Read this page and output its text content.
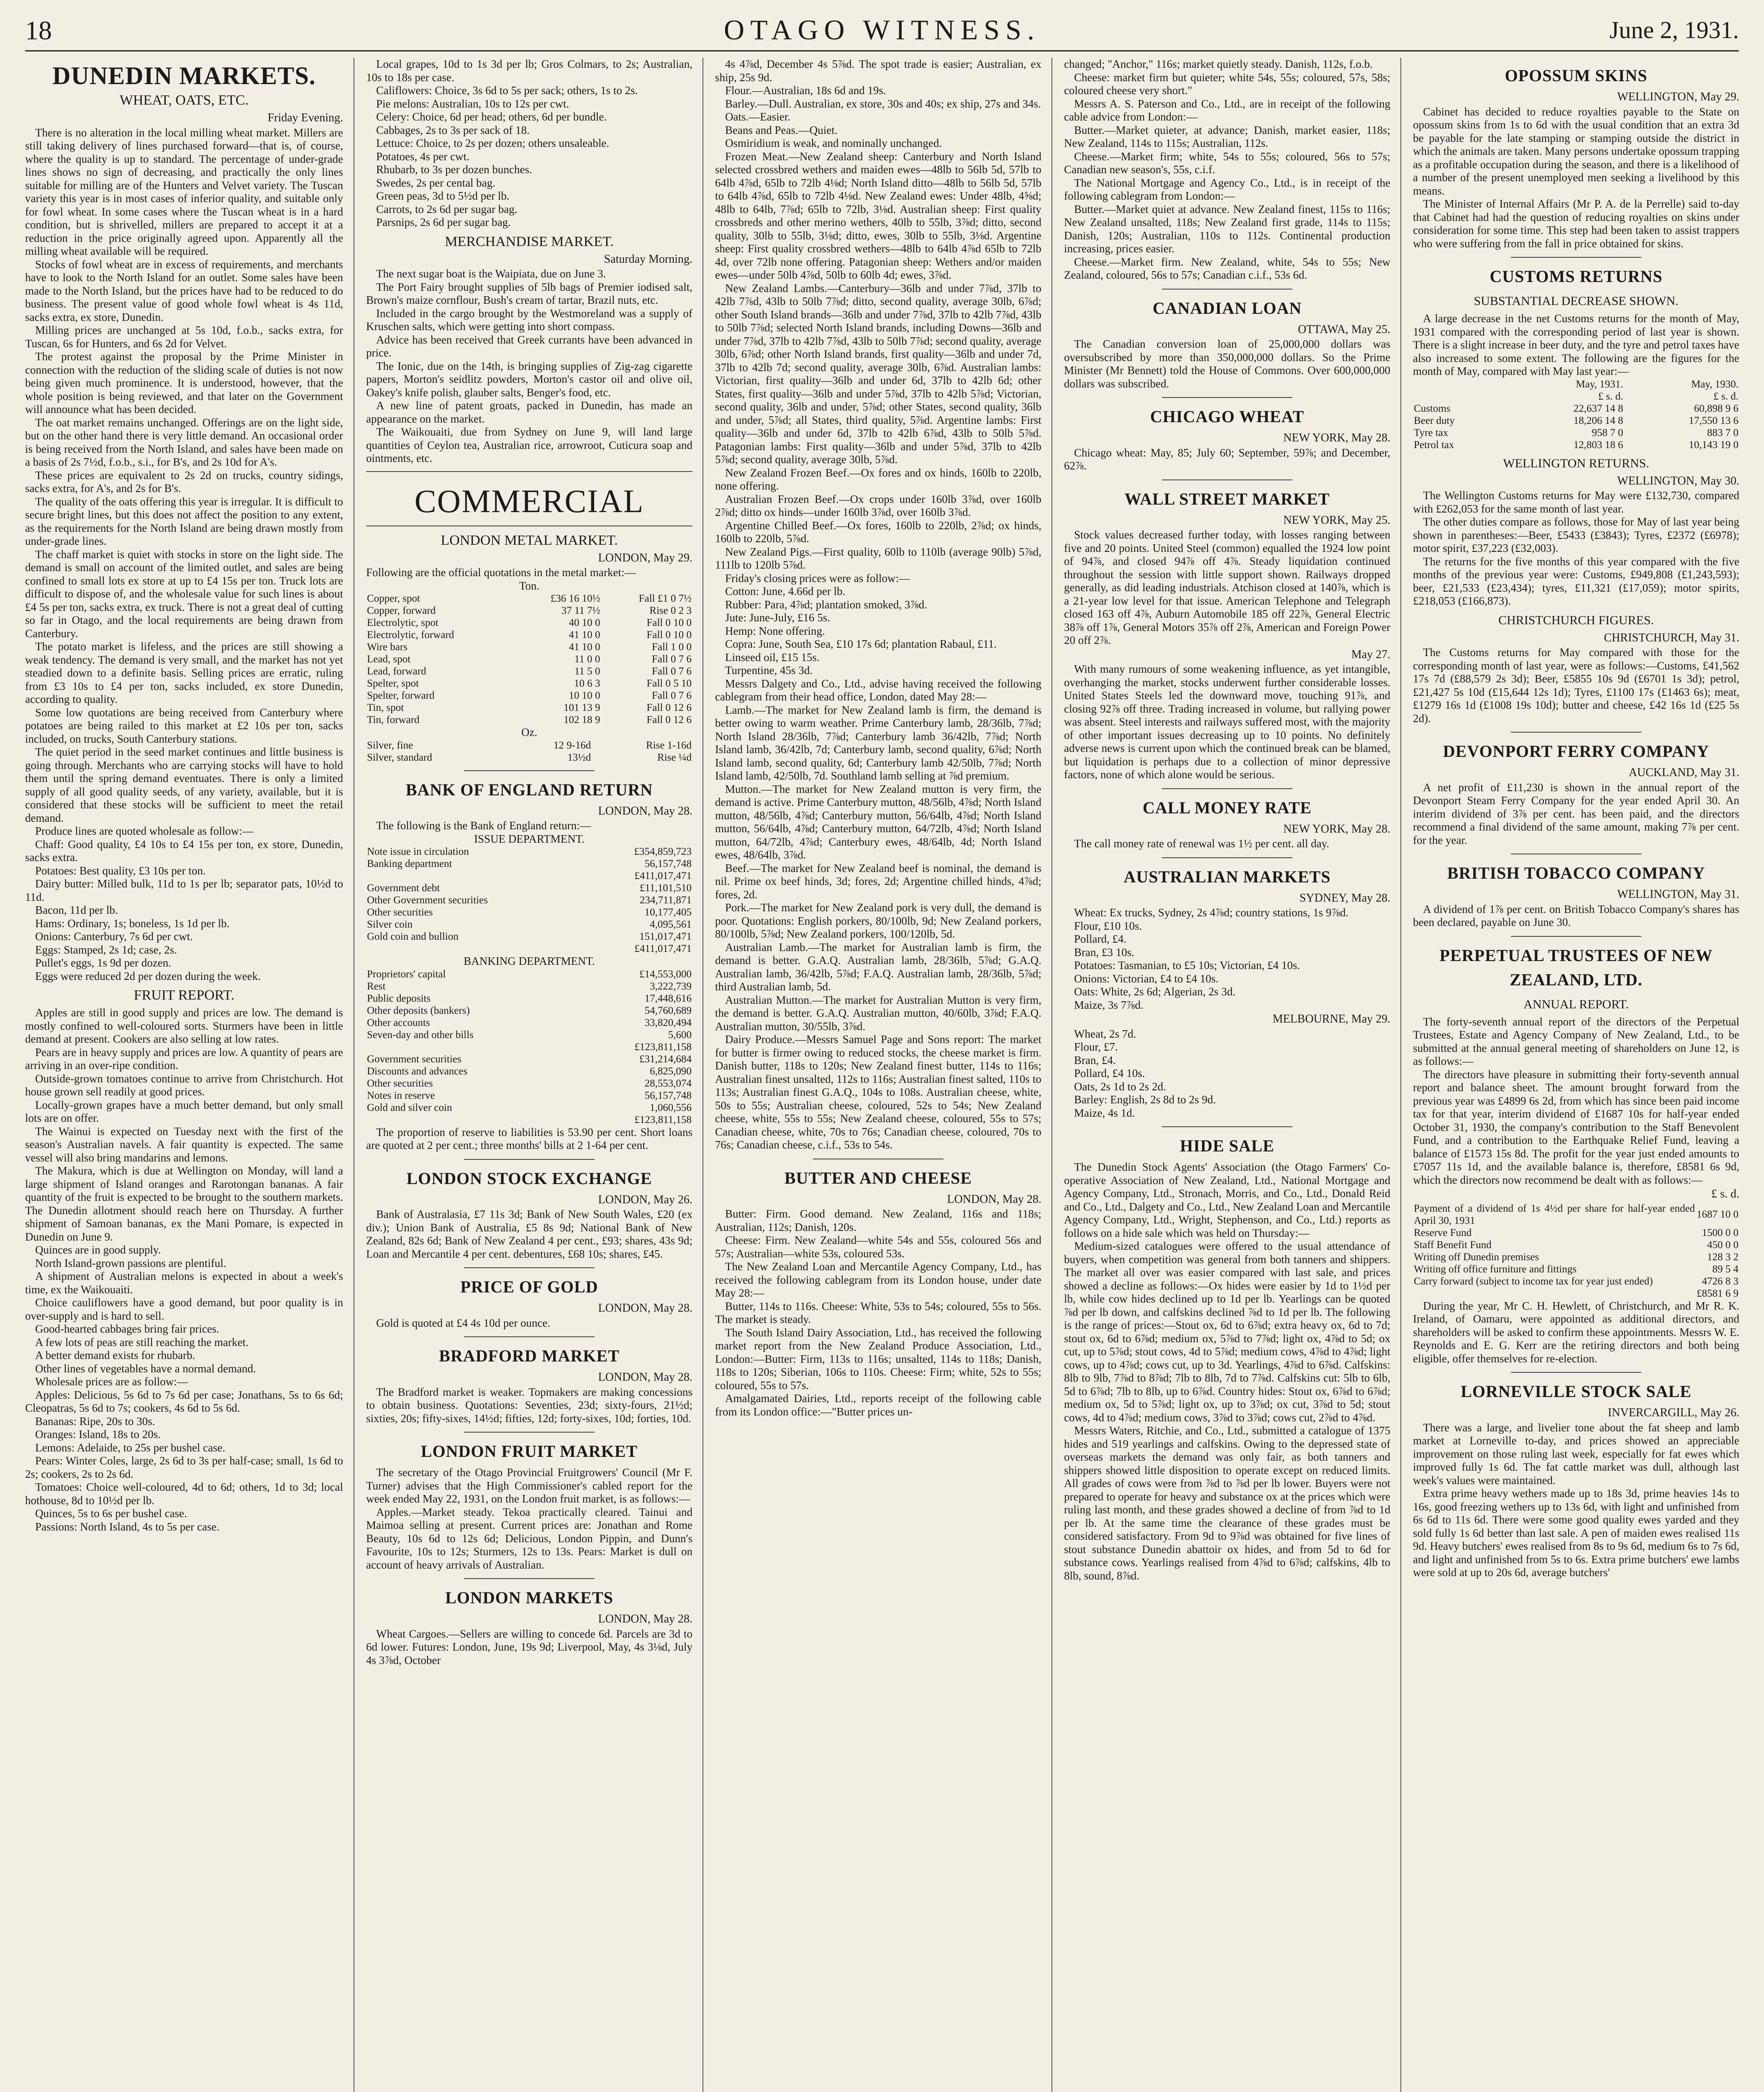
18	OTAGO WITNESS.	June 2, 1931.
DUNEDIN MARKETS.
WHEAT, OATS, ETC.
Friday Evening.

There is no alteration in the local milling wheat market. Millers are still taking delivery of lines purchased forward—that is, of course, where the quality is up to standard. The percentage of under-grade lines shows no sign of decreasing, and practically the only lines suitable for milling are of the Hunters and Velvet variety. The Tuscan variety this year is in most cases of inferior quality, and suitable only for fowl wheat. In some cases where the Tuscan wheat is in a hard condition, but is shrivelled, millers are prepared to accept it at a reduction in the price originally agreed upon. Apparently all the milling wheat available will be required.

Stocks of fowl wheat are in excess of requirements, and merchants have to look to the North Island for an outlet. Some sales have been made to the North Island, but the prices have had to be reduced to do business. The present value of good whole fowl wheat is 4s 11d, sacks extra, ex store, Dunedin.

Milling prices are unchanged at 5s 10d, f.o.b., sacks extra, for Tuscan, 6s for Hunters, and 6s 2d for Velvet.

The protest against the proposal by the Prime Minister in connection with the reduction of the sliding scale of duties is not now being given much prominence. It is understood, however, that the whole position is being reviewed, and that later on the Government will announce what has been decided.

The oat market remains unchanged. Offerings are on the light side, but on the other hand there is very little demand. An occasional order is being received from the North Island, and sales have been made on a basis of 2s 7½d, f.o.b., s.i., for B's, and 2s 10d for A's.

These prices are equivalent to 2s 2d on trucks, country sidings, sacks extra, for A's, and 2s for B's.

The quality of the oats offering this year is irregular. It is difficult to secure bright lines, but this does not affect the position to any extent, as the requirements for the North Island are being drawn mostly from under-grade lines.

The chaff market is quiet with stocks in store on the light side. The demand is small on account of the limited outlet, and sales are being confined to small lots ex store at up to £4 15s per ton. Truck lots are difficult to dispose of, and the wholesale value for such lines is about £4 5s per ton, sacks extra, ex truck. There is not a great deal of cutting so far in Otago, and the local requirements are being drawn from Canterbury.

The potato market is lifeless, and the prices are still showing a weak tendency. The demand is very small, and the market has not yet steadied down to a definite basis. Selling prices are erratic, ruling from £3 10s to £4 per ton, sacks included, ex store Dunedin, according to quality.

Some low quotations are being received from Canterbury where potatoes are being railed to this market at £2 10s per ton, sacks included, on trucks, South Canterbury stations.

The quiet period in the seed market continues and little business is going through. Merchants who are carrying stocks will have to hold them until the spring demand eventuates. There is only a limited supply of all good quality seeds, of any variety, available, but it is considered that these stocks will be sufficient to meet the retail demand.

Produce lines are quoted wholesale as follow:—

Chaff: Good quality, £4 10s to £4 15s per ton, ex store, Dunedin, sacks extra.

Potatoes: Best quality, £3 10s per ton.

Dairy butter: Milled bulk, 11d to 1s per lb; separator pats, 10½d to 11d.

Bacon, 11d per lb.

Hams: Ordinary, 1s; boneless, 1s 1d per lb.

Onions: Canterbury, 7s 6d per cwt.

Eggs: Stamped, 2s 1d; case, 2s.

Pullet's eggs, 1s 9d per dozen.

Eggs were reduced 2d per dozen during the week.

FRUIT REPORT.

Apples are still in good supply and prices are low. The demand is mostly confined to well-coloured sorts. Sturmers have been in little demand at present. Cookers are also selling at low rates.

Pears are in heavy supply and prices are low. A quantity of pears are arriving in an over-ripe condition.

Outside-grown tomatoes continue to arrive from Christchurch. Hot house grown sell readily at good prices.

Locally-grown grapes have a much better demand, but only small lots are on offer.

The Wainui is expected on Tuesday next with the first of the season's Australian navels. A fair quantity is expected. The same vessel will also bring mandarins and lemons.

The Makura, which is due at Wellington on Monday, will land a large shipment of Island oranges and Rarotongan bananas. A fair quantity of the fruit is expected to be brought to the southern markets. The Dunedin allotment should reach here on Thursday. A further shipment of Samoan bananas, ex the Mani Pomare, is expected in Dunedin on June 9.

Quinces are in good supply.

North Island-grown passions are plentiful.

A shipment of Australian melons is expected in about a week's time, ex the Waikouaiti.

Choice cauliflowers have a good demand, but poor quality is in over-supply and is hard to sell.

Good-hearted cabbages bring fair prices.

A few lots of peas are still reaching the market.

A better demand exists for rhubarb.

Other lines of vegetables have a normal demand.

Wholesale prices are as follow:—

Apples: Delicious, 5s 6d to 7s 6d per case; Jonathans, 5s to 6s 6d; Cleopatras, 5s 6d to 7s; cookers, 4s 6d to 5s 6d.

Bananas: Ripe, 20s to 30s.

Oranges: Island, 18s to 20s.

Lemons: Adelaide, to 25s per bushel case.

Pears: Winter Coles, large, 2s 6d to 3s per half-case; small, 1s 6d to 2s; cookers, 2s to 2s 6d.

Tomatoes: Choice well-coloured, 4d to 6d; others, 1d to 3d; local hothouse, 8d to 10½d per lb.

Quinces, 5s to 6s per bushel case.

Passions: North Island, 4s to 5s per case.

Local grapes, 10d to 1s 3d per lb; Gros Colmars, to 2s; Australian, 10s to 18s per case.

Califlowers: Choice, 3s 6d to 5s per sack; others, 1s to 2s.

Pie melons: Australian, 10s to 12s per cwt.

Celery: Choice, 6d per head; others, 6d per bundle.

Cabbages, 2s to 3s per sack of 18.

Lettuce: Choice, to 2s per dozen; others unsaleable.

Potatoes, 4s per cwt.

Rhubarb, to 3s per dozen bunches.

Swedes, 2s per cental bag.

Green peas, 3d to 5½d per lb.

Carrots, to 2s 6d per sugar bag.

Parsnips, 2s 6d per sugar bag.

MERCHANDISE MARKET.
Saturday Morning.

The next sugar boat is the Waipiata, due on June 3.

The Port Fairy brought supplies of 5lb bags of Premier iodised salt, Brown's maize cornflour, Bush's cream of tartar, Brazil nuts, etc.

Included in the cargo brought by the Westmoreland was a supply of Kruschen salts, which were getting into short compass.

Advice has been received that Greek currants have been advanced in price.

The Ionic, due on the 14th, is bringing supplies of Zig-zag cigarette papers, Morton's seidlitz powders, Morton's castor oil and olive oil, Oakey's knife polish, glauber salts, Benger's food, etc.

A new line of patent groats, packed in Dunedin, has made an appearance on the market.

The Waikouaiti, due from Sydney on June 9, will land large quantities of Ceylon tea, Australian rice, arrowroot, Cuticura soap and ointments, etc.

COMMERCIAL
LONDON METAL MARKET.
LONDON, May 29.

Following are the official quotations in the metal market:—

Ton.
Copper, spot	£36 16 10½	Fall £1 0 7½
Copper, forward	37 11 7½	Rise 0 2 3
Electrolytic, spot	40 10 0	Fall 0 10 0
Electrolytic, forward	41 10 0	Fall 0 10 0
Wire bars	41 10 0	Fall 1 0 0
Lead, spot	11 0 0	Fall 0 7 6
Lead, forward	11 5 0	Fall 0 7 6
Spelter, spot	10 6 3	Fall 0 5 10
Spelter, forward	10 10 0	Fall 0 7 6
Tin, spot	101 13 9	Fall 0 12 6
Tin, forward	102 18 9	Fall 0 12 6
Oz.
Silver, fine	12 9-16d	Rise 1-16d
Silver, standard	13½d	Rise ¼d
BANK OF ENGLAND RETURN
LONDON, May 28.

The following is the Bank of England return:—

ISSUE DEPARTMENT.
Note issue in circulation	£354,859,723
Banking department	56,157,748
	£411,017,471
Government debt	£11,101,510
Other Government securities	234,711,871
Other securities	10,177,405
Silver coin	4,095,561
Gold coin and bullion	151,017,471
	£411,017,471
BANKING DEPARTMENT.
Proprietors' capital	£14,553,000
Rest	3,222,739
Public deposits	17,448,616
Other deposits (bankers)	54,760,689
Other accounts	33,820,494
Seven-day and other bills	5,600
	£123,811,158
Government securities	£31,214,684
Discounts and advances	6,825,090
Other securities	28,553,074
Notes in reserve	56,157,748
Gold and silver coin	1,060,556
	£123,811,158

The proportion of reserve to liabilities is 53.90 per cent. Short loans are quoted at 2 per cent.; three months' bills at 2 1-64 per cent.

LONDON STOCK EXCHANGE
LONDON, May 26.

Bank of Australasia, £7 11s 3d; Bank of New South Wales, £20 (ex div.); Union Bank of Australia, £5 8s 9d; National Bank of New Zealand, 82s 6d; Bank of New Zealand 4 per cent., £93; shares, 43s 9d; Loan and Mercantile 4 per cent. debentures, £68 10s; shares, £45.

PRICE OF GOLD
LONDON, May 28.

Gold is quoted at £4 4s 10d per ounce.

BRADFORD MARKET
LONDON, May 28.

The Bradford market is weaker. Topmakers are making concessions to obtain business. Quotations: Seventies, 23d; sixty-fours, 21½d; sixties, 20s; fifty-sixes, 14½d; fifties, 12d; forty-sixes, 10d; forties, 10d.

LONDON FRUIT MARKET

The secretary of the Otago Provincial Fruitgrowers' Council (Mr F. Turner) advises that the High Commissioner's cabled report for the week ended May 22, 1931, on the London fruit market, is as follows:—

Apples.—Market steady. Tekoa practically cleared. Tainui and Maimoa selling at present. Current prices are: Jonathan and Rome Beauty, 10s 6d to 12s 6d; Delicious, London Pippin, and Dunn's Favourite, 10s to 12s; Sturmers, 12s to 13s. Pears: Market is dull on account of heavy arrivals of Australian.

LONDON MARKETS
LONDON, May 28.

Wheat Cargoes.—Sellers are willing to concede 6d. Parcels are 3d to 6d lower. Futures: London, June, 19s 9d; Liverpool, May, 4s 3⅛d, July 4s 3⅞d, October

4s 4⅞d, December 4s 5⅞d. The spot trade is easier; Australian, ex ship, 25s 9d.

Flour.—Australian, 18s 6d and 19s.

Barley.—Dull. Australian, ex store, 30s and 40s; ex ship, 27s and 34s.

Oats.—Easier.

Beans and Peas.—Quiet.

Osmiridium is weak, and nominally unchanged.

Frozen Meat.—New Zealand sheep: Canterbury and North Island selected crossbred wethers and maiden ewes—48lb to 56lb 5d, 57lb to 64lb 4⅞d, 65lb to 72lb 4⅛d; North Island ditto—48lb to 56lb 5d, 57lb to 64lb 4⅞d, 65lb to 72lb 4⅛d. New Zealand ewes: Under 48lb, 4⅝d; 48lb to 64lb, 7⅞d; 65lb to 72lb, 3⅛d. Australian sheep: First quality crossbreds and other merino wethers, 40lb to 55lb, 3⅞d; ditto, second quality, 30lb to 55lb, 3⅛d; ditto, ewes, 30lb to 55lb, 3⅛d. Argentine sheep: First quality crossbred wethers—48lb to 64lb 4⅞d 65lb to 72lb 4d, over 72lb none offering. Patagonian sheep: Wethers and/or maiden ewes—under 50lb 4⅞d, 50lb to 60lb 4d; ewes, 3⅞d.

New Zealand Lambs.—Canterbury—36lb and under 7⅞d, 37lb to 42lb 7⅞d, 43lb to 50lb 7⅞d; ditto, second quality, average 30lb, 6⅞d; other South Island brands—36lb and under 7⅞d, 37lb to 42lb 7⅞d, 43lb to 50lb 7⅞d; selected North Island brands, including Downs—36lb and under 7⅞d, 37lb to 42lb 7⅞d, 43lb to 50lb 7⅞d; second quality, average 30lb, 6⅞d; other North Island brands, first quality—36lb and under 7d, 37lb to 42lb 7d; second quality, average 30lb, 6⅞d. Australian lambs: Victorian, first quality—36lb and under 6d, 37lb to 42lb 6d; other States, first quality—36lb and under 5⅞d, 37lb to 42lb 5⅞d; Victorian, second quality, 36lb and under, 5⅞d; other States, second quality, 36lb and under, 5⅞d; all States, third quality, 5⅞d. Argentine lambs: First quality—36lb and under 6d, 37lb to 42lb 6⅞d, 43lb to 50lb 5⅞d. Patagonian lambs: First quality—36lb and under 5⅞d, 37lb to 42lb 5⅞d; second quality, average 30lb, 5⅞d.

New Zealand Frozen Beef.—Ox fores and ox hinds, 160lb to 220lb, none offering.

Australian Frozen Beef.—Ox crops under 160lb 3⅞d, over 160lb 2⅞d; ditto ox hinds—under 160lb 3⅞d, over 160lb 3⅞d.

Argentine Chilled Beef.—Ox fores, 160lb to 220lb, 2⅞d; ox hinds, 160lb to 220lb, 5⅞d.

New Zealand Pigs.—First quality, 60lb to 110lb (average 90lb) 5⅞d, 111lb to 120lb 5⅞d.

Friday's closing prices were as follow:—

Cotton: June, 4.66d per lb.

Rubber: Para, 4⅞d; plantation smoked, 3⅞d.

Jute: June-July, £16 5s.

Hemp: None offering.

Copra: June, South Sea, £10 17s 6d; plantation Rabaul, £11.

Linseed oil, £15 15s.

Turpentine, 45s 3d.

Messrs Dalgety and Co., Ltd., advise having received the following cablegram from their head office, London, dated May 28:—

Lamb.—The market for New Zealand lamb is firm, the demand is better owing to warm weather. Prime Canterbury lamb, 28/36lb, 7⅞d; North Island 28/36lb, 7⅞d; Canterbury lamb 36/42lb, 7⅞d; North Island lamb, 36/42lb, 7d; Canterbury lamb, second quality, 6⅞d; North Island lamb, second quality, 6d; Canterbury lamb 42/50lb, 7⅞d; North Island lamb, 42/50lb, 7d. Southland lamb selling at ⅞d premium.

Mutton.—The market for New Zealand mutton is very firm, the demand is active. Prime Canterbury mutton, 48/56lb, 4⅞d; North Island mutton, 48/56lb, 4⅞d; Canterbury mutton, 56/64lb, 4⅞d; North Island mutton, 56/64lb, 4⅞d; Canterbury mutton, 64/72lb, 4⅞d; North Island mutton, 64/72lb, 4⅞d; Canterbury ewes, 48/64lb, 4d; North Island ewes, 48/64lb, 3⅞d.

Beef.—The market for New Zealand beef is nominal, the demand is nil. Prime ox beef hinds, 3d; fores, 2d; Argentine chilled hinds, 4⅞d; fores, 2d.

Pork.—The market for New Zealand pork is very dull, the demand is poor. Quotations: English porkers, 80/100lb, 9d; New Zealand porkers, 80/100lb, 5⅞d; New Zealand porkers, 100/120lb, 5d.

Australian Lamb.—The market for Australian lamb is firm, the demand is better. G.A.Q. Australian lamb, 28/36lb, 5⅞d; G.A.Q. Australian lamb, 36/42lb, 5⅞d; F.A.Q. Australian lamb, 28/36lb, 5⅞d; third Australian lamb, 5d.

Australian Mutton.—The market for Australian Mutton is very firm, the demand is better. G.A.Q. Australian mutton, 40/60lb, 3⅞d; F.A.Q. Australian mutton, 30/55lb, 3⅞d.

Dairy Produce.—Messrs Samuel Page and Sons report: The market for butter is firmer owing to reduced stocks, the cheese market is firm. Danish butter, 118s to 120s; New Zealand finest butter, 114s to 116s; Australian finest unsalted, 112s to 116s; Australian finest salted, 110s to 113s; Australian finest G.A.Q., 104s to 108s. Australian cheese, white, 50s to 55s; Australian cheese, coloured, 52s to 54s; New Zealand cheese, white, 55s to 55s; New Zealand cheese, coloured, 55s to 57s; Canadian cheese, white, 70s to 76s; Canadian cheese, coloured, 70s to 76s; Canadian cheese, c.i.f., 53s to 54s.

BUTTER AND CHEESE
LONDON, May 28.

Butter: Firm. Good demand. New Zealand, 116s and 118s; Australian, 112s; Danish, 120s.

Cheese: Firm. New Zealand—white 54s and 55s, coloured 56s and 57s; Australian—white 53s, coloured 53s.

The New Zealand Loan and Mercantile Agency Company, Ltd., has received the following cablegram from its London house, under date May 28:—

Butter, 114s to 116s. Cheese: White, 53s to 54s; coloured, 55s to 56s. The market is steady.

The South Island Dairy Association, Ltd., has received the following market report from the New Zealand Produce Association, Ltd., London:—Butter: Firm, 113s to 116s; unsalted, 114s to 118s; Danish, 118s to 120s; Siberian, 106s to 110s. Cheese: Firm; white, 52s to 55s; coloured, 55s to 57s.

Amalgamated Dairies, Ltd., reports receipt of the following cable from its London office:—"Butter prices un-

changed; "Anchor," 116s; market quietly steady. Danish, 112s, f.o.b.

Cheese: market firm but quieter; white 54s, 55s; coloured, 57s, 58s; coloured cheese very short."

Messrs A. S. Paterson and Co., Ltd., are in receipt of the following cable advice from London:—

Butter.—Market quieter, at advance; Danish, market easier, 118s; New Zealand, 114s to 115s; Australian, 112s.

Cheese.—Market firm; white, 54s to 55s; coloured, 56s to 57s; Canadian new season's, 55s, c.i.f.

The National Mortgage and Agency Co., Ltd., is in receipt of the following cablegram from London:—

Butter.—Market quiet at advance. New Zealand finest, 115s to 116s; New Zealand unsalted, 118s; New Zealand first grade, 114s to 115s; Danish, 120s; Australian, 110s to 112s. Continental production increasing, prices easier.

Cheese.—Market firm. New Zealand, white, 54s to 55s; New Zealand, coloured, 56s to 57s; Canadian c.i.f., 53s 6d.

CANADIAN LOAN
OTTAWA, May 25.

The Canadian conversion loan of 25,000,000 dollars was oversubscribed by more than 350,000,000 dollars. So the Prime Minister (Mr Bennett) told the House of Commons. Over 600,000,000 dollars was subscribed.

CHICAGO WHEAT
NEW YORK, May 28.

Chicago wheat: May, 85; July 60; September, 59⅞; and December, 62⅞.

WALL STREET MARKET
NEW YORK, May 25.

Stock values decreased further today, with losses ranging between five and 20 points. United Steel (common) equalled the 1924 low point of 94⅞, and closed 94⅞ off 4⅞. Steady liquidation continued throughout the session with little support shown. Railways dropped generally, as did leading industrials. Atchison closed at 140⅞, which is a 21-year low level for that issue. American Telephone and Telegraph closed 163 off 4⅞, Auburn Automobile 185 off 22⅞, General Electric 38⅞ off 1⅞, General Motors 35⅞ off 2⅞, American and Foreign Power 20 off 2⅞.

May 27.

With many rumours of some weakening influence, as yet intangible, overhanging the market, stocks underwent further considerable losses. United States Steels led the downward move, touching 91⅞, and closing 92⅞ off three. Trading increased in volume, but rallying power was absent. Steel interests and railways suffered most, with the majority of other important issues decreasing up to 10 points. No definitely adverse news is current upon which the continued break can be blamed, but liquidation is perhaps due to a collection of minor depressive factors, none of which alone would be serious.

CALL MONEY RATE
NEW YORK, May 28.

The call money rate of renewal was 1½ per cent. all day.

AUSTRALIAN MARKETS
SYDNEY, May 28.

Wheat: Ex trucks, Sydney, 2s 4⅞d; country stations, 1s 9⅞d.

Flour, £10 10s.

Pollard, £4.

Bran, £3 10s.

Potatoes: Tasmanian, to £5 10s; Victorian, £4 10s.

Onions: Victorian, £4 to £4 10s.

Oats: White, 2s 6d; Algerian, 2s 3d.

Maize, 3s 7⅞d.

MELBOURNE, May 29.

Wheat, 2s 7d.

Flour, £7.

Bran, £4.

Pollard, £4 10s.

Oats, 2s 1d to 2s 2d.

Barley: English, 2s 8d to 2s 9d.

Maize, 4s 1d.

HIDE SALE

The Dunedin Stock Agents' Association (the Otago Farmers' Co-operative Association of New Zealand, Ltd., National Mortgage and Agency Company, Ltd., Stronach, Morris, and Co., Ltd., Donald Reid and Co., Ltd., Dalgety and Co., Ltd., New Zealand Loan and Mercantile Agency Company, Ltd., Wright, Stephenson, and Co., Ltd.) reports as follows on a hide sale which was held on Thursday:—

Medium-sized catalogues were offered to the usual attendance of buyers, when competition was general from both tanners and shippers. The market all over was easier compared with last sale, and prices showed a decline as follows:—Ox hides were easier by 1d to 1½d per lb, while cow hides declined up to 1d per lb. Yearlings can be quoted ⅞d per lb down, and calfskins declined ⅞d to 1d per lb. The following is the range of prices:—Stout ox, 6d to 6⅞d; extra heavy ox, 6d to 7d; stout ox, 6d to 6⅞d; medium ox, 5⅞d to 7⅞d; light ox, 4⅞d to 5d; ox cut, up to 5⅞d; stout cows, 4d to 5⅞d; medium cows, 4⅞d to 4⅞d; light cows, up to 4⅞d; cows cut, up to 3d. Yearlings, 4⅞d to 6⅞d. Calfskins: 8lb to 9lb, 7⅞d to 8⅞d; 7lb to 8lb, 7d to 7⅞d. Calfskins cut: 5lb to 6lb, 5d to 6⅞d; 7lb to 8lb, up to 6⅞d. Country hides: Stout ox, 6⅞d to 6⅞d; medium ox, 5d to 5⅞d; light ox, up to 3⅞d; ox cut, 3⅞d to 5d; stout cows, 4d to 4⅞d; medium cows, 3⅞d to 3⅞d; cows cut, 2⅞d to 4⅞d.

Messrs Waters, Ritchie, and Co., Ltd., submitted a catalogue of 1375 hides and 519 yearlings and calfskins. Owing to the depressed state of overseas markets the demand was only fair, as both tanners and shippers showed little disposition to operate except on reduced limits. All grades of cows were from ⅞d to ⅞d per lb lower. Buyers were not prepared to operate for heavy and substance ox at the prices which were ruling last month, and these grades showed a decline of from ⅞d to 1d per lb. At the same time the clearance of these grades must be considered satisfactory. From 9d to 9⅞d was obtained for five lines of stout substance Dunedin abattoir ox hides, and from 5d to 6d for substance cows. Yearlings realised from 4⅞d to 6⅞d; calfskins, 4lb to 8lb, sound, 8⅞d.

OPOSSUM SKINS
WELLINGTON, May 29.

Cabinet has decided to reduce royalties payable to the State on opossum skins from 1s to 6d with the usual condition that an extra 3d be payable for the late stamping or stamping outside the district in which the animals are taken. Many persons undertake opossum trapping as a profitable occupation during the season, and there is a likelihood of a number of the present unemployed men seeking a livelihood by this means.

The Minister of Internal Affairs (Mr P. A. de la Perrelle) said to-day that Cabinet had had the question of reducing royalties on skins under consideration for some time. This step had been taken to assist trappers who were suffering from the fall in price obtained for skins.

CUSTOMS RETURNS
SUBSTANTIAL DECREASE SHOWN.

A large decrease in the net Customs returns for the month of May, 1931 compared with the corresponding period of last year is shown. There is a slight increase in beer duty, and the tyre and petrol taxes have also increased to some extent. The following are the figures for the month of May, compared with May last year:—

	May, 1931.	May, 1930.
	£ s. d.	£ s. d.
Customs	22,637 14 8	60,898 9 6
Beer duty	18,206 14 8	17,550 13 6
Tyre tax	958 7 0	883 7 0
Petrol tax	12,803 18 6	10,143 19 0
WELLINGTON RETURNS.
WELLINGTON, May 30.

The Wellington Customs returns for May were £132,730, compared with £262,053 for the same month of last year.

The other duties compare as follows, those for May of last year being shown in parentheses:—Beer, £5433 (£3843); Tyres, £2372 (£6978); motor spirit, £37,223 (£32,003).

The returns for the five months of this year compared with the five months of the previous year were: Customs, £949,808 (£1,243,593); beer, £21,533 (£23,434); tyres, £11,321 (£17,059); motor spirits, £218,053 (£166,873).

CHRISTCHURCH FIGURES.
CHRISTCHURCH, May 31.

The Customs returns for May compared with those for the corresponding month of last year, were as follows:—Customs, £41,562 17s 7d (£88,579 2s 3d); Beer, £5855 10s 9d (£6701 1s 3d); petrol, £21,427 5s 10d (£15,644 12s 1d); Tyres, £1100 17s (£1463 6s); meat, £1279 16s 1d (£1008 19s 10d); butter and cheese, £42 16s 1d (£25 5s 2d).

DEVONPORT FERRY COMPANY
AUCKLAND, May 31.

A net profit of £11,230 is shown in the annual report of the Devonport Steam Ferry Company for the year ended April 30. An interim dividend of 3⅞ per cent. has been paid, and the directors recommend a final dividend of the same amount, making 7⅞ per cent. for the year.

BRITISH TOBACCO COMPANY
WELLINGTON, May 31.

A dividend of 1⅞ per cent. on British Tobacco Company's shares has been declared, payable on June 30.

PERPETUAL TRUSTEES OF NEW ZEALAND, LTD.
ANNUAL REPORT.

The forty-seventh annual report of the directors of the Perpetual Trustees, Estate and Agency Company of New Zealand, Ltd., to be submitted at the annual general meeting of shareholders on June 12, is as follows:—

The directors have pleasure in submitting their forty-seventh annual report and balance sheet. The amount brought forward from the previous year was £4899 6s 2d, from which has since been paid income tax for that year, interim dividend of £1687 10s for half-year ended October 31, 1930, the company's contribution to the Staff Benevolent Fund, and a contribution to the Earthquake Relief Fund, leaving a balance of £1573 15s 8d. The profit for the year just ended amounts to £7057 11s 1d, and the available balance is, therefore, £8581 6s 9d, which the directors now recommend be dealt with as follows:—

£ s. d.
Payment of a dividend of 1s 4½d per share for half-year ended April 30, 1931	1687 10 0
Reserve Fund	1500 0 0
Staff Benefit Fund	450 0 0
Writing off Dunedin premises	128 3 2
Writing off office furniture and fittings	89 5 4
Carry forward (subject to income tax for year just ended)	4726 8 3
	£8581 6 9

During the year, Mr C. H. Hewlett, of Christchurch, and Mr R. K. Ireland, of Oamaru, were appointed as additional directors, and shareholders will be asked to confirm these appointments. Messrs W. E. Reynolds and E. G. Kerr are the retiring directors and both being eligible, offer themselves for re-election.

LORNEVILLE STOCK SALE
INVERCARGILL, May 26.

There was a large, and livelier tone about the fat sheep and lamb market at Lorneville to-day, and prices showed an appreciable improvement on those ruling last week, especially for fat ewes which improved fully 1s 6d. The fat cattle market was dull, although last week's values were maintained.

Extra prime heavy wethers made up to 18s 3d, prime heavies 14s to 16s, good freezing wethers up to 13s 6d, with light and unfinished from 6s 6d to 11s 6d. There were some good quality ewes yarded and they sold fully 1s 6d better than last sale. A pen of maiden ewes realised 11s 9d. Heavy butchers' ewes realised from 8s to 9s 6d, medium 6s to 7s 6d, and light and unfinished from 5s to 6s. Extra prime butchers' ewe lambs were sold at up to 20s 6d, average butchers'
